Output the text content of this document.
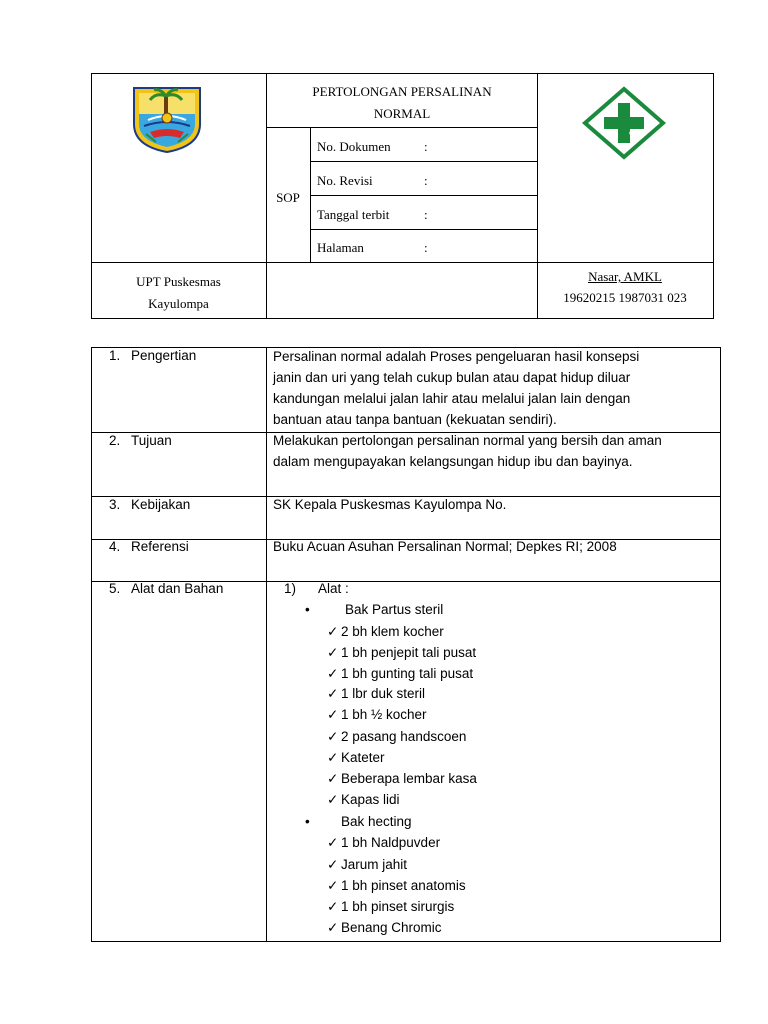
PERTOLONGAN PERSALINAN
NORMAL
SOP
No. Dokumen	:
No. Revisi	:
Tanggal terbit	:
Halaman	:
UPT Puskesmas
Kayulompa
Nasar, AMKL
19620215 1987031 023
1. Pengertian	Persalinan normal adalah Proses pengeluaran hasil konsepsi
janin dan uri yang telah cukup bulan atau dapat hidup diluar
kandungan melalui jalan lahir atau melalui jalan lain dengan
bantuan atau tanpa bantuan (kekuatan sendiri).
2. Tujuan	Melakukan pertolongan persalinan normal yang bersih dan aman
dalam mengupayakan kelangsungan hidup ibu dan bayinya.
3. Kebijakan	SK Kepala Puskesmas Kayulompa No.
4. Referensi	Buku Acuan Asuhan Persalinan Normal; Depkes RI; 2008
5. Alat dan Bahan	1) Alat :
•	Bak Partus steril
✓ 2 bh klem kocher
✓ 1 bh penjepit tali pusat
✓ 1 bh gunting tali pusat
✓ 1 lbr duk steril
✓ 1 bh ½ kocher
✓ 2 pasang handscoen
✓ Kateter
✓ Beberapa lembar kasa
✓ Kapas lidi
• Bak hecting
✓ 1 bh Naldpuvder
✓ Jarum jahit
✓ 1 bh pinset anatomis
✓ 1 bh pinset sirurgis
✓ Benang Chromic
